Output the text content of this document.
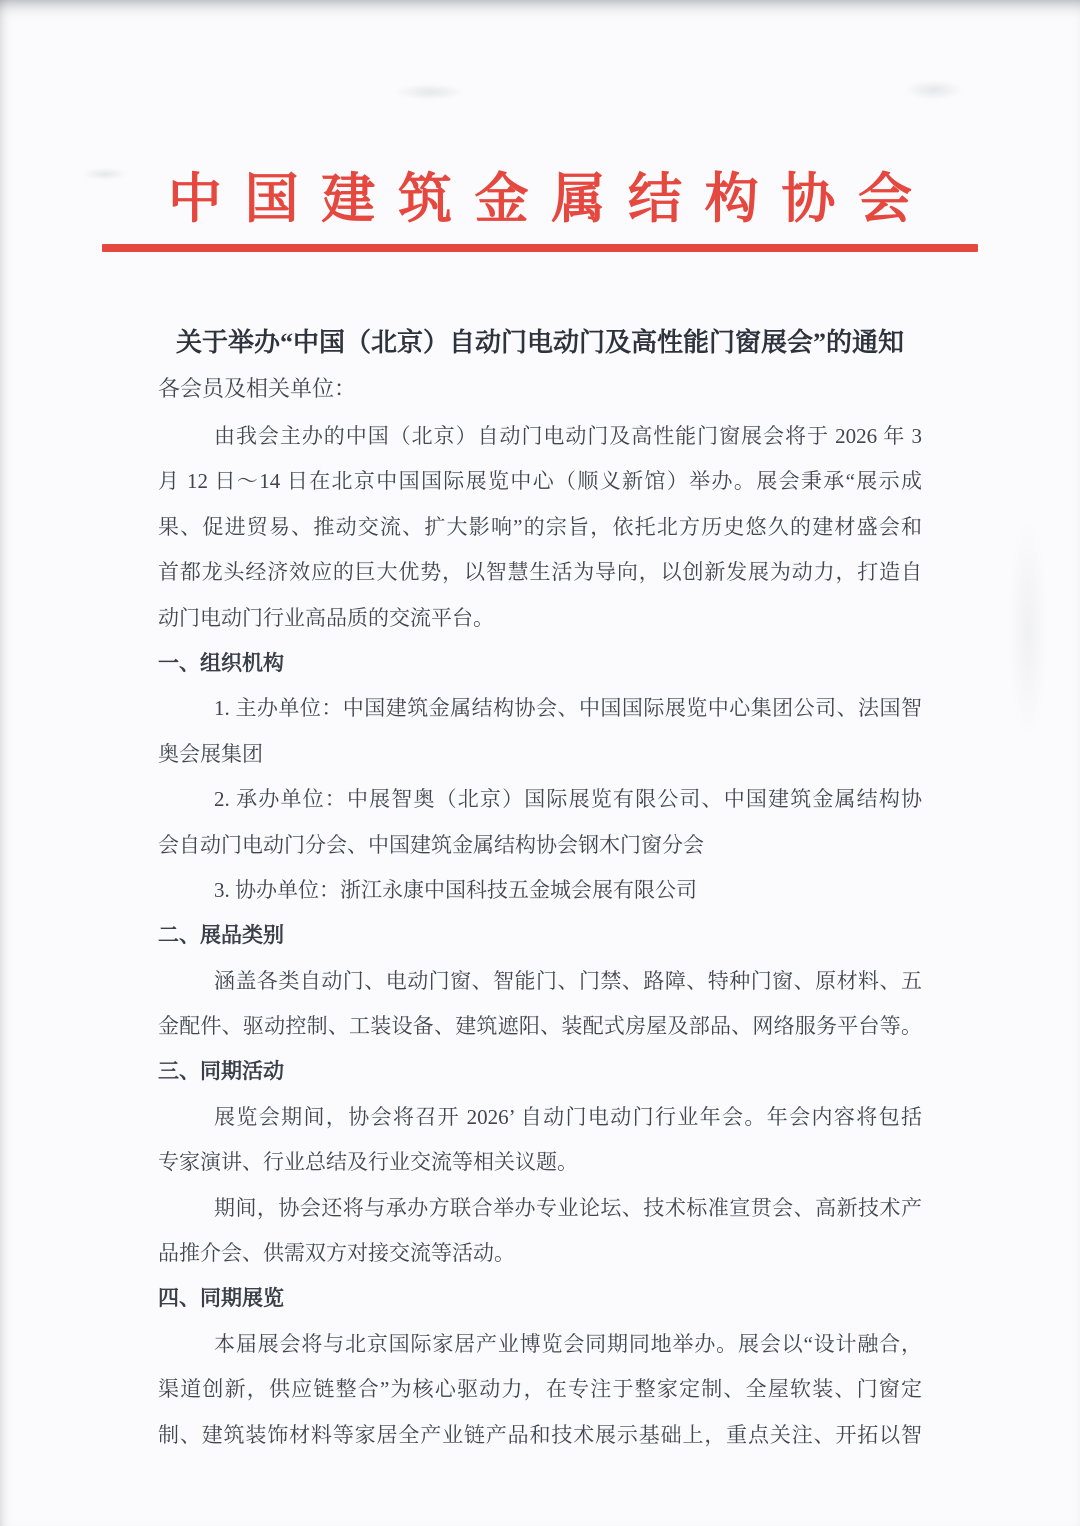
中国建筑金属结构协会
关于举办“中国（北京）自动门电动门及高性能门窗展会”的通知
各会员及相关单位：
由我会主办的中国（北京）自动门电动门及高性能门窗展会将于 2026 年 3
月 12 日～14 日在北京中国国际展览中心（顺义新馆）举办。展会秉承“展示成
果、促进贸易、推动交流、扩大影响”的宗旨，依托北方历史悠久的建材盛会和
首都龙头经济效应的巨大优势，以智慧生活为导向，以创新发展为动力，打造自
动门电动门行业高品质的交流平台。
一、组织机构
1. 主办单位：中国建筑金属结构协会、中国国际展览中心集团公司、法国智
奥会展集团
2. 承办单位：中展智奥（北京）国际展览有限公司、中国建筑金属结构协
会自动门电动门分会、中国建筑金属结构协会钢木门窗分会
3. 协办单位：浙江永康中国科技五金城会展有限公司
二、展品类别
涵盖各类自动门、电动门窗、智能门、门禁、路障、特种门窗、原材料、五
金配件、驱动控制、工装设备、建筑遮阳、装配式房屋及部品、网络服务平台等。
三、同期活动
展览会期间，协会将召开 2026’ 自动门电动门行业年会。年会内容将包括
专家演讲、行业总结及行业交流等相关议题。
期间，协会还将与承办方联合举办专业论坛、技术标准宣贯会、高新技术产
品推介会、供需双方对接交流等活动。
四、同期展览
本届展会将与北京国际家居产业博览会同期同地举办。展会以“设计融合，
渠道创新，供应链整合”为核心驱动力，在专注于整家定制、全屋软装、门窗定
制、建筑装饰材料等家居全产业链产品和技术展示基础上，重点关注、开拓以智
